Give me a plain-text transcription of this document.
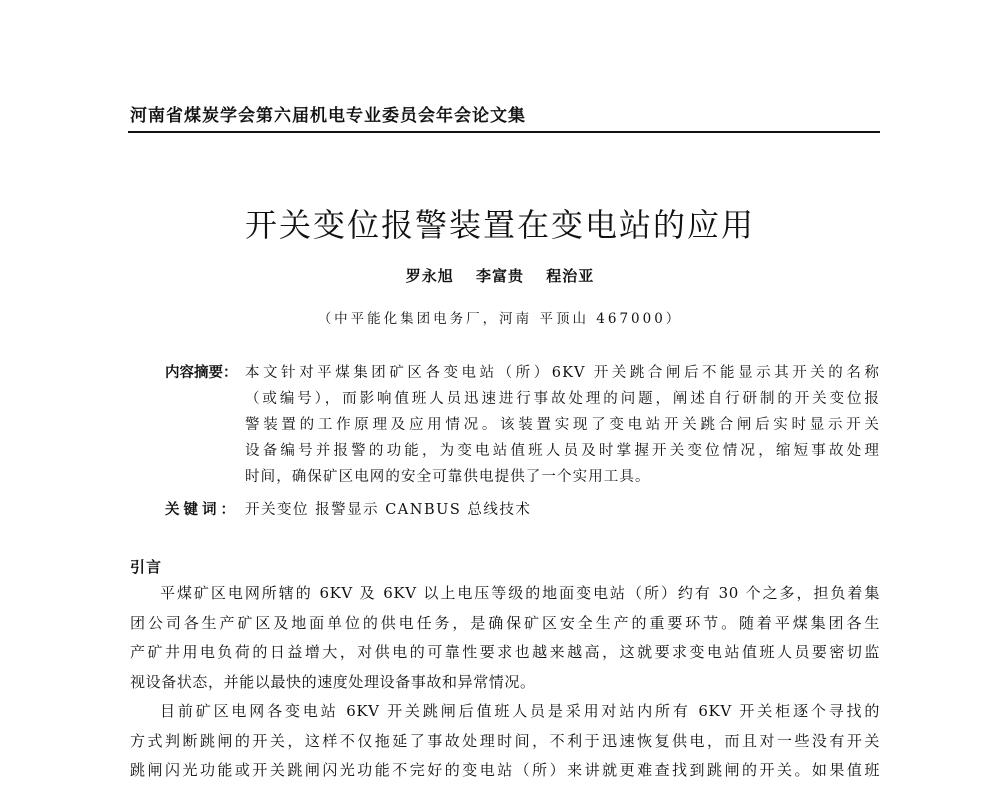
河南省煤炭学会第六届机电专业委员会年会论文集
开关变位报警装置在变电站的应用
罗永旭 李富贵 程治亚
（中平能化集团电务厂，河南 平顶山 467000）
内容摘要： 本文针对平煤集团矿区各变电站（所）6KV 开关跳合闸后不能显示其开关的名称
（或编号），而影响值班人员迅速进行事故处理的问题，阐述自行研制的开关变位报
警装置的工作原理及应用情况。该装置实现了变电站开关跳合闸后实时显示开关
设备编号并报警的功能，为变电站值班人员及时掌握开关变位情况，缩短事故处理
时间，确保矿区电网的安全可靠供电提供了一个实用工具。
关键词： 开关变位 报警显示 CANBUS 总线技术
引言
平煤矿区电网所辖的 6KV 及 6KV 以上电压等级的地面变电站（所）约有 30 个之多，担负着集
团公司各生产矿区及地面单位的供电任务，是确保矿区安全生产的重要环节。随着平煤集团各生
产矿井用电负荷的日益增大，对供电的可靠性要求也越来越高，这就要求变电站值班人员要密切监
视设备状态，并能以最快的速度处理设备事故和异常情况。
目前矿区电网各变电站 6KV 开关跳闸后值班人员是采用对站内所有 6KV 开关柜逐个寻找的
方式判断跳闸的开关，这样不仅拖延了事故处理时间，不利于迅速恢复供电，而且对一些没有开关
跳闸闪光功能或开关跳闸闪光功能不完好的变电站（所）来讲就更难查找到跳闸的开关。如果值班
